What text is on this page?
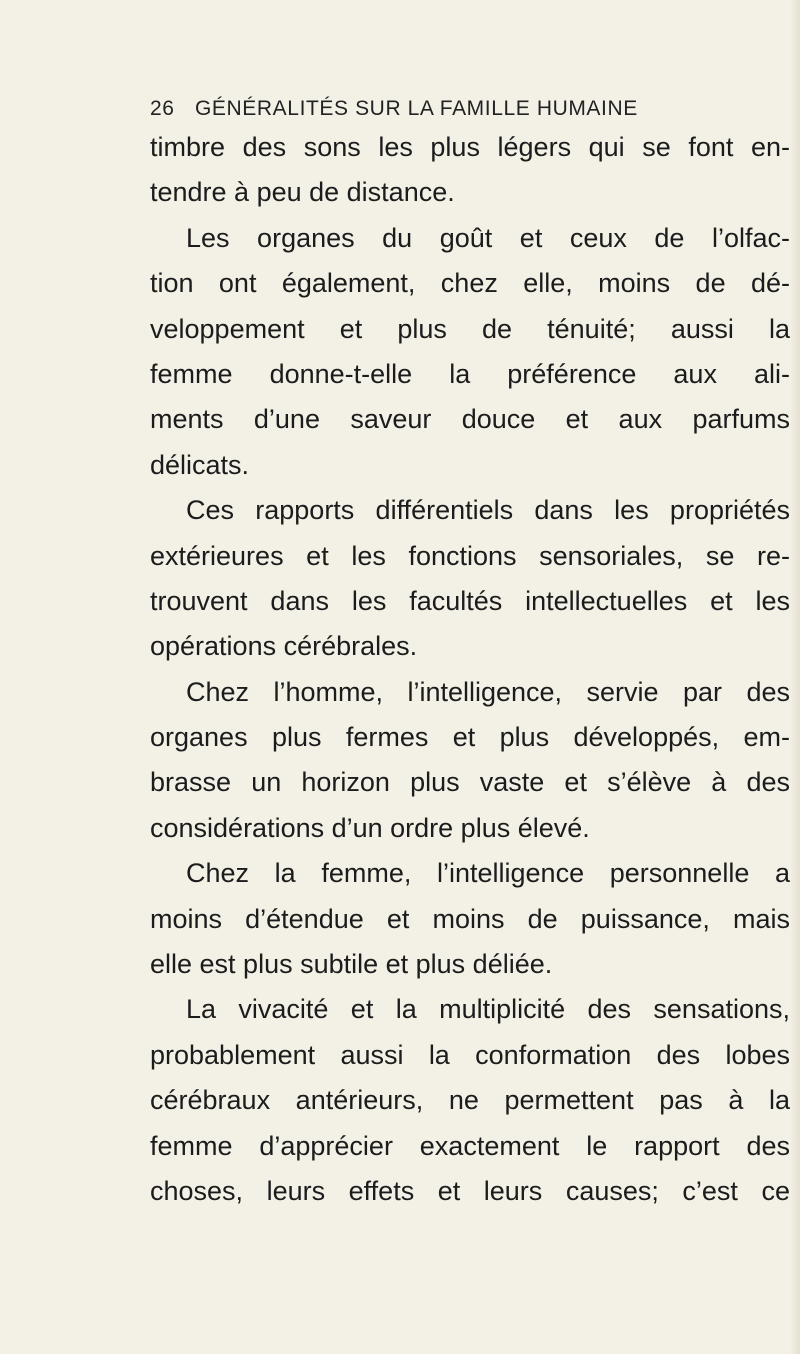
26 GÉNÉRALITÉS SUR LA FAMILLE HUMAINE
timbre des sons les plus légers qui se font en-
tendre à peu de distance.
Les organes du goût et ceux de l’olfac-
tion ont également, chez elle, moins de dé-
veloppement et plus de ténuité; aussi la
femme donne-t-elle la préférence aux ali-
ments d’une saveur douce et aux parfums
délicats.
Ces rapports différentiels dans les propriétés
extérieures et les fonctions sensoriales, se re-
trouvent dans les facultés intellectuelles et les
opérations cérébrales.
Chez l’homme, l’intelligence, servie par des
organes plus fermes et plus développés, em-
brasse un horizon plus vaste et s’élève à des
considérations d’un ordre plus élevé.
Chez la femme, l’intelligence personnelle a
moins d’étendue et moins de puissance, mais
elle est plus subtile et plus déliée.
La vivacité et la multiplicité des sensations,
probablement aussi la conformation des lobes
cérébraux antérieurs, ne permettent pas à la
femme d’apprécier exactement le rapport des
choses, leurs effets et leurs causes; c’est ce
